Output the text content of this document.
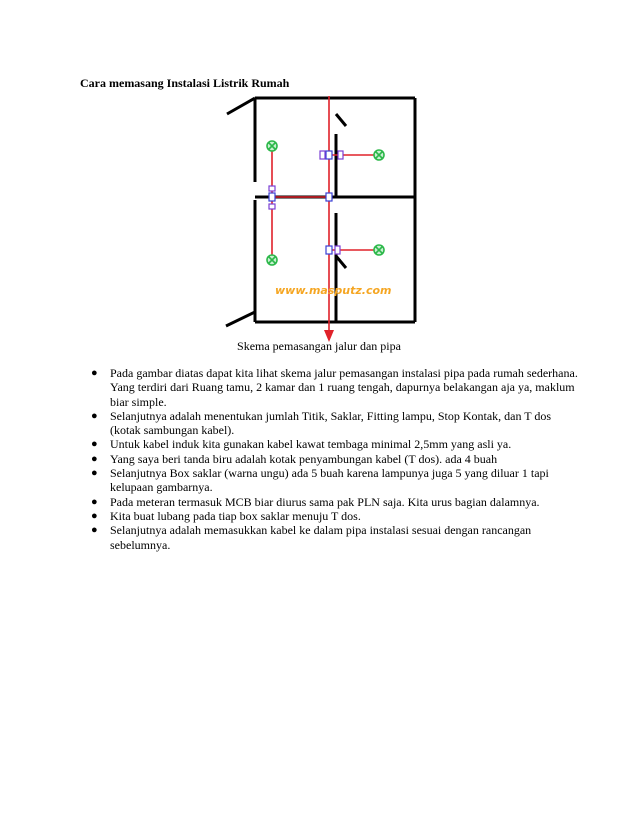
Cara memasang Instalasi Listrik Rumah
www.masputz.com
Skema pemasangan jalur dan pipa
● Pada gambar diatas dapat kita lihat skema jalur pemasangan instalasi pipa pada rumah sederhana. Yang terdiri dari Ruang tamu, 2 kamar dan 1 ruang tengah, dapurnya belakangan aja ya, maklum biar simple.
● Selanjutnya adalah menentukan jumlah Titik, Saklar, Fitting lampu, Stop Kontak, dan T dos (kotak sambungan kabel).
● Untuk kabel induk kita gunakan kabel kawat tembaga minimal 2,5mm yang asli ya.
● Yang saya beri tanda biru adalah kotak penyambungan kabel (T dos). ada 4 buah
● Selanjutnya Box saklar (warna ungu) ada 5 buah karena lampunya juga 5 yang diluar 1 tapi kelupaan gambarnya.
● Pada meteran termasuk MCB biar diurus sama pak PLN saja. Kita urus bagian dalamnya.
● Kita buat lubang pada tiap box saklar menuju T dos.
● Selanjutnya adalah memasukkan kabel ke dalam pipa instalasi sesuai dengan rancangan sebelumnya.
